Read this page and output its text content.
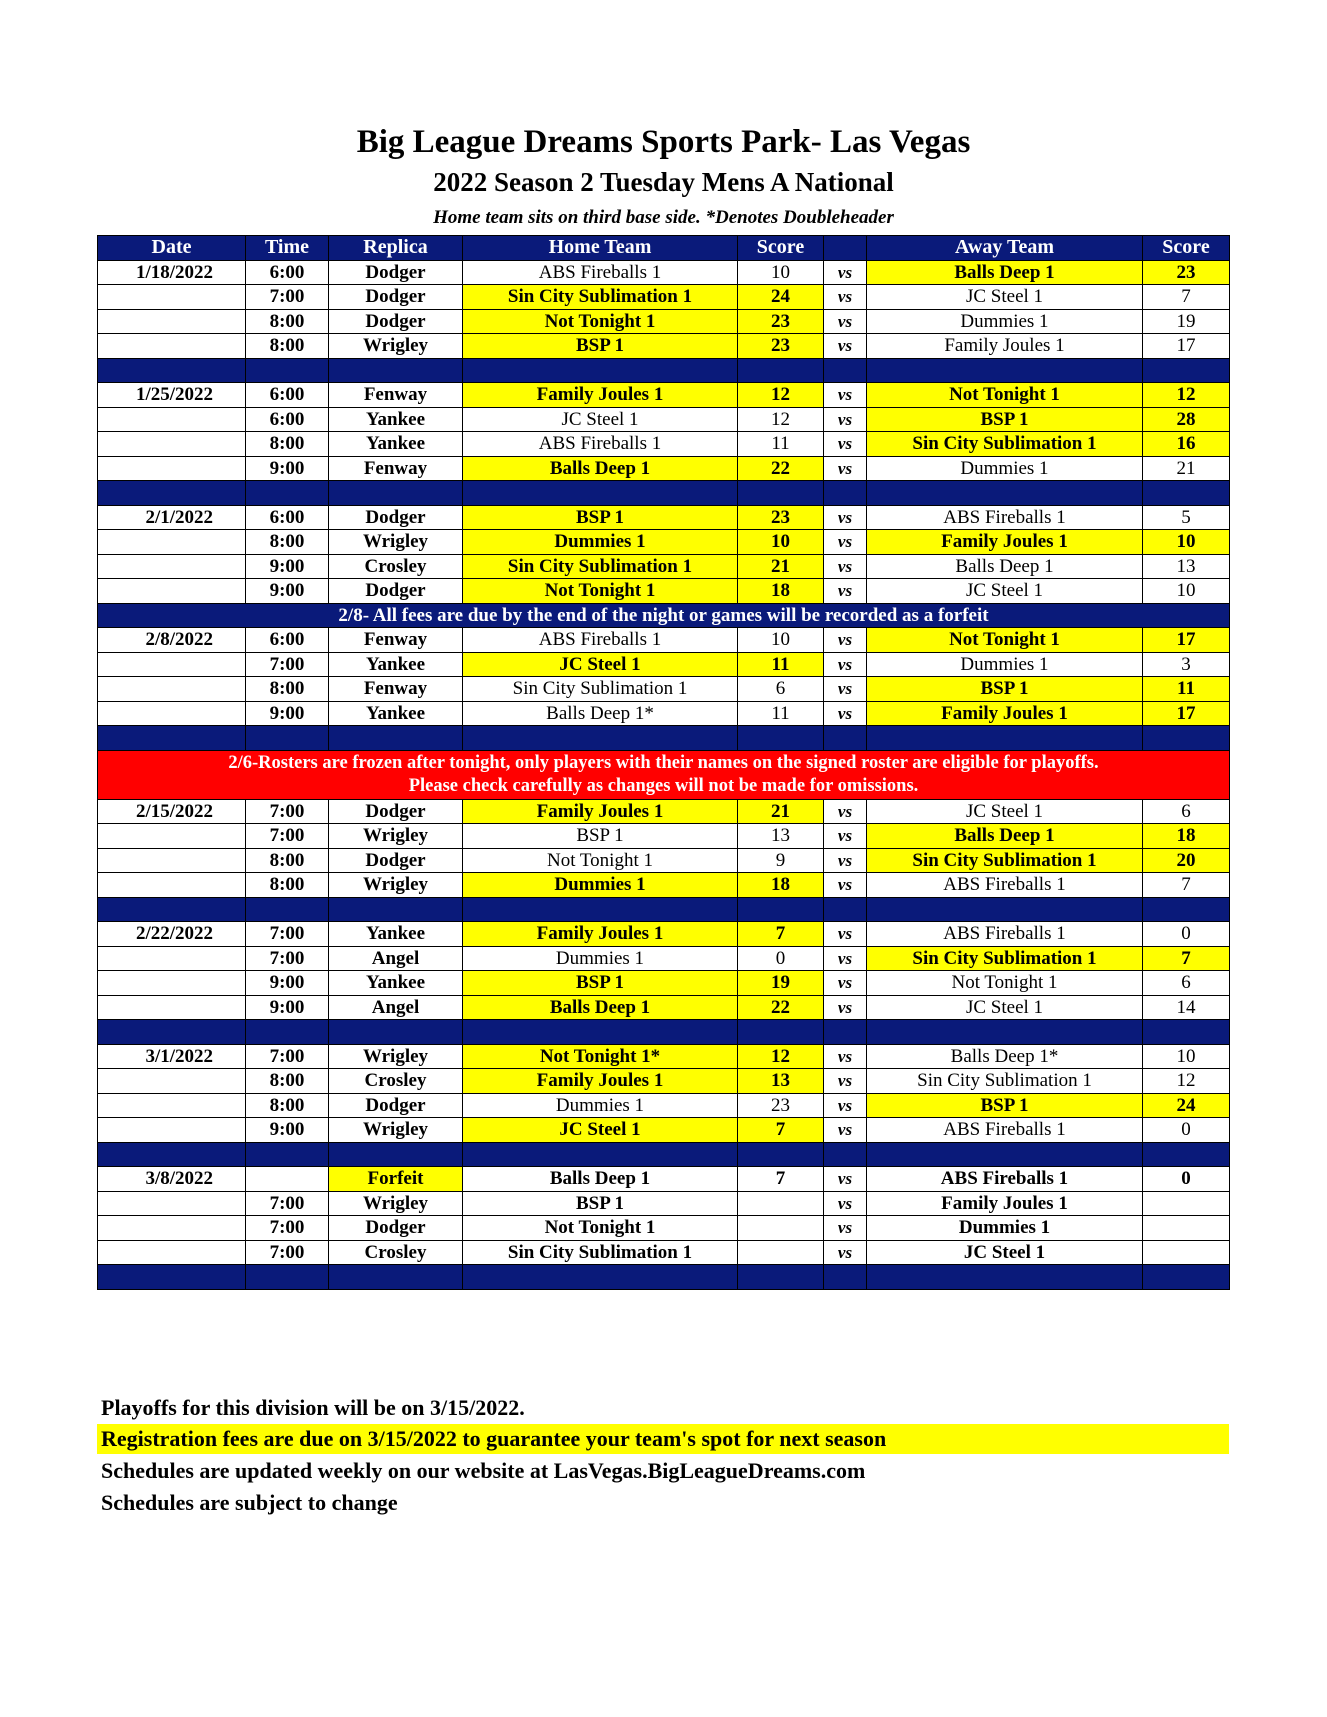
Big League Dreams Sports Park- Las Vegas
2022 Season 2 Tuesday Mens A National
Home team sits on third base side. *Denotes Doubleheader
Date	Time	Replica	Home Team	Score		Away Team	Score
1/18/2022	6:00	Dodger	ABS Fireballs 1	10	vs	Balls Deep 1	23
	7:00	Dodger	Sin City Sublimation 1	24	vs	JC Steel 1	7
	8:00	Dodger	Not Tonight 1	23	vs	Dummies 1	19
	8:00	Wrigley	BSP 1	23	vs	Family Joules 1	17

1/25/2022	6:00	Fenway	Family Joules 1	12	vs	Not Tonight 1	12
	6:00	Yankee	JC Steel 1	12	vs	BSP 1	28
	8:00	Yankee	ABS Fireballs 1	11	vs	Sin City Sublimation 1	16
	9:00	Fenway	Balls Deep 1	22	vs	Dummies 1	21

2/1/2022	6:00	Dodger	BSP 1	23	vs	ABS Fireballs 1	5
	8:00	Wrigley	Dummies 1	10	vs	Family Joules 1	10
	9:00	Crosley	Sin City Sublimation 1	21	vs	Balls Deep 1	13
	9:00	Dodger	Not Tonight 1	18	vs	JC Steel 1	10
2/8- All fees are due by the end of the night or games will be recorded as a forfeit							
2/8/2022	6:00	Fenway	ABS Fireballs 1	10	vs	Not Tonight 1	17
	7:00	Yankee	JC Steel 1	11	vs	Dummies 1	3
	8:00	Fenway	Sin City Sublimation 1	6	vs	BSP 1	11
	9:00	Yankee	Balls Deep 1*	11	vs	Family Joules 1	17

2/6-Rosters are frozen after tonight, only players with their names on the signed roster are eligible for playoffs.
Please check carefully as changes will not be made for omissions.							

2/15/2022	7:00	Dodger	Family Joules 1	21	vs	JC Steel 1	6
	7:00	Wrigley	BSP 1	13	vs	Balls Deep 1	18
	8:00	Dodger	Not Tonight 1	9	vs	Sin City Sublimation 1	20
	8:00	Wrigley	Dummies 1	18	vs	ABS Fireballs 1	7

2/22/2022	7:00	Yankee	Family Joules 1	7	vs	ABS Fireballs 1	0
	7:00	Angel	Dummies 1	0	vs	Sin City Sublimation 1	7
	9:00	Yankee	BSP 1	19	vs	Not Tonight 1	6
	9:00	Angel	Balls Deep 1	22	vs	JC Steel 1	14

3/1/2022	7:00	Wrigley	Not Tonight 1*	12	vs	Balls Deep 1*	10
	8:00	Crosley	Family Joules 1	13	vs	Sin City Sublimation 1	12
	8:00	Dodger	Dummies 1	23	vs	BSP 1	24
	9:00	Wrigley	JC Steel 1	7	vs	ABS Fireballs 1	0

3/8/2022		Forfeit	Balls Deep 1	7	vs	ABS Fireballs 1	0
	7:00	Wrigley	BSP 1		vs	Family Joules 1	
	7:00	Dodger	Not Tonight 1		vs	Dummies 1	
	7:00	Crosley	Sin City Sublimation 1		vs	JC Steel 1	

Playoffs for this division will be on 3/15/2022.
Registration fees are due on 3/15/2022 to guarantee your team's spot for next season
Schedules are updated weekly on our website at LasVegas.BigLeagueDreams.com
Schedules are subject to change
